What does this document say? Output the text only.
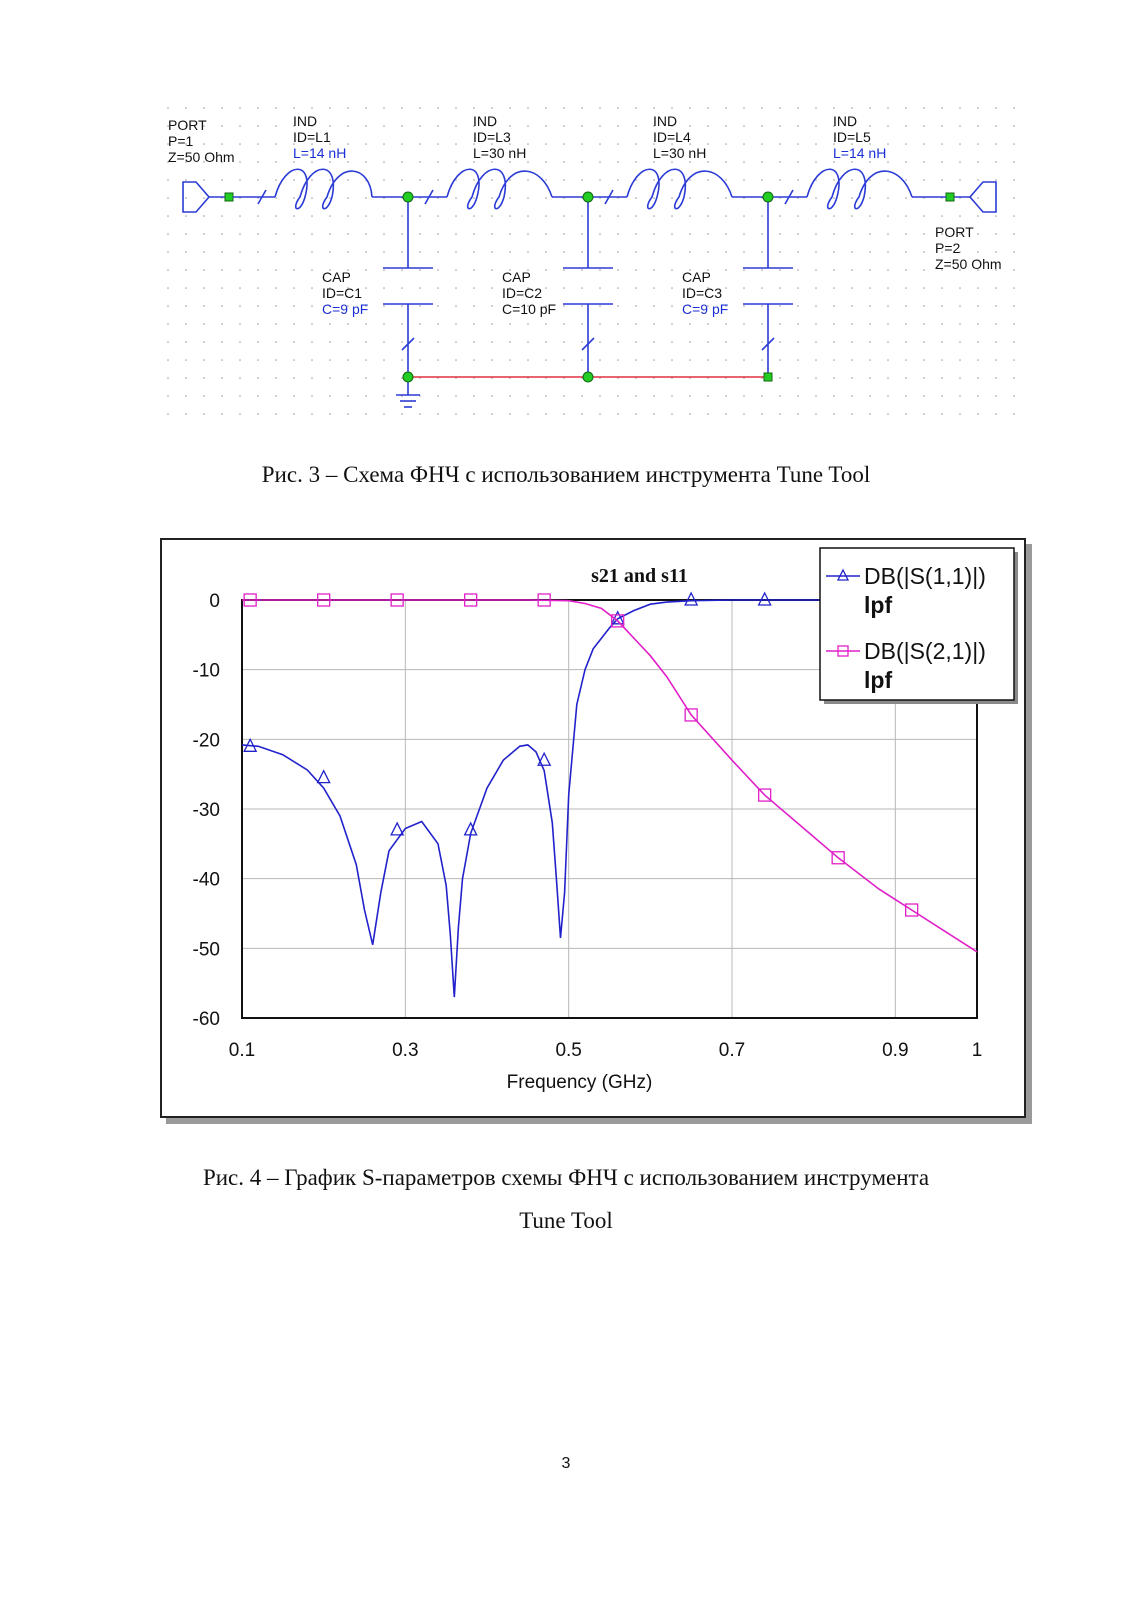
PORT
P=1
Z=50 Ohm
PORT
P=2
Z=50 Ohm
IND
ID=L1
L=14 nH
IND
ID=L3
L=30 nH
IND
ID=L4
L=30 nH
IND
ID=L5
L=14 nH
CAP
ID=C1
C=9 pF
CAP
ID=C2
C=10 pF
CAP
ID=C3
C=9 pF
Рис. 3 – Схема ФНЧ с использованием инструмента Tune Tool
0.1	0.3	0.5	0.7	0.9	1
0
-10
-20
-30
-40
-50
-60
s21 and s11
Frequency (GHz)
DB(|S(1,1)|)
lpf
DB(|S(2,1)|)
lpf
Рис. 4 – График S-параметров схемы ФНЧ с использованием инструмента
Tune Tool
3
